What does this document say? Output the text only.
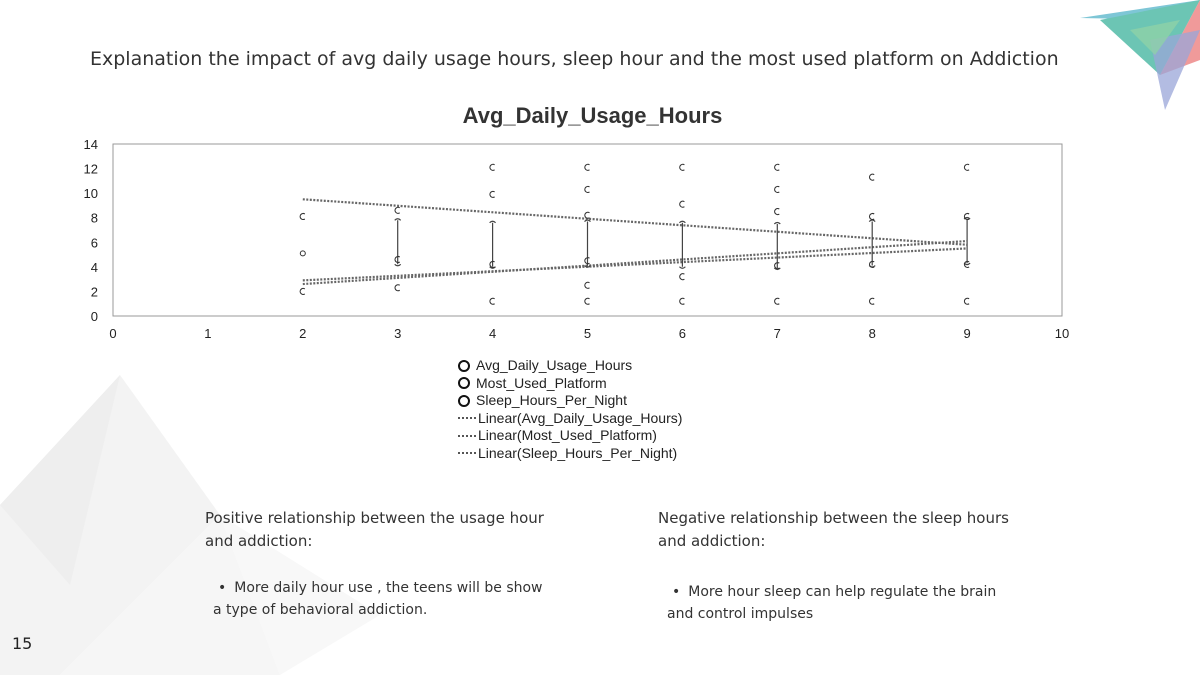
Explanation the impact of avg daily usage hours, sleep hour and the most used platform on Addiction
Avg_Daily_Usage_Hours
0
2
4
6
8
10
12
14
0	1	2	3	4	5	6	7	8	9	10
Avg_Daily_Usage_Hours
Most_Used_Platform
Sleep_Hours_Per_Night
Linear(Avg_Daily_Usage_Hours)
Linear(Most_Used_Platform)
Linear(Sleep_Hours_Per_Night)
Positive relationship between the usage hour and addiction:
• More daily hour use , the teens will be show a type of behavioral addiction.
Negative relationship between the sleep hours and addiction:
• More hour sleep can help regulate the brain and control impulses
15
